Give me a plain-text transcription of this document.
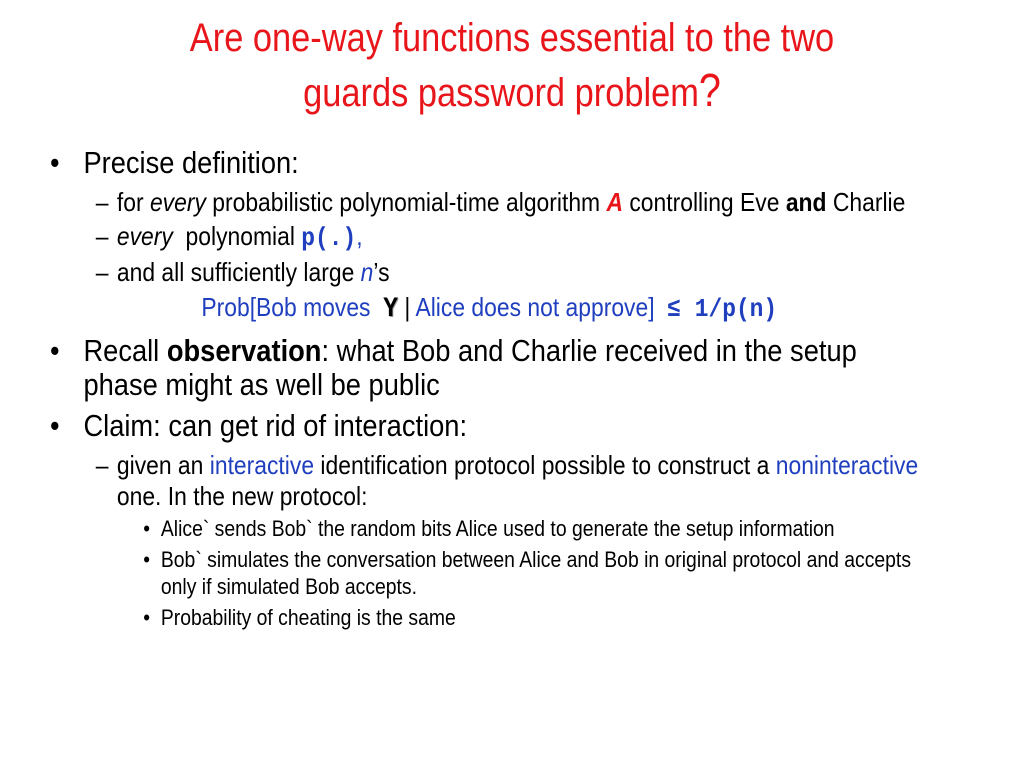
Are one-way functions essential to the two
guards password problem?
• Precise definition:
– for every probabilistic polynomial-time algorithm A controlling Eve and Charlie
– every polynomial p(.),
– and all sufficiently large n’s
Prob[Bob moves Y | Alice does not approve] ≤ 1/p(n)
• Recall observation: what Bob and Charlie received in the setup phase might as well be public
• Claim: can get rid of interaction:
– given an interactive identification protocol possible to construct a noninteractive one. In the new protocol:
• Alice` sends Bob` the random bits Alice used to generate the setup information
• Bob` simulates the conversation between Alice and Bob in original protocol and accepts only if simulated Bob accepts.
• Probability of cheating is the same
